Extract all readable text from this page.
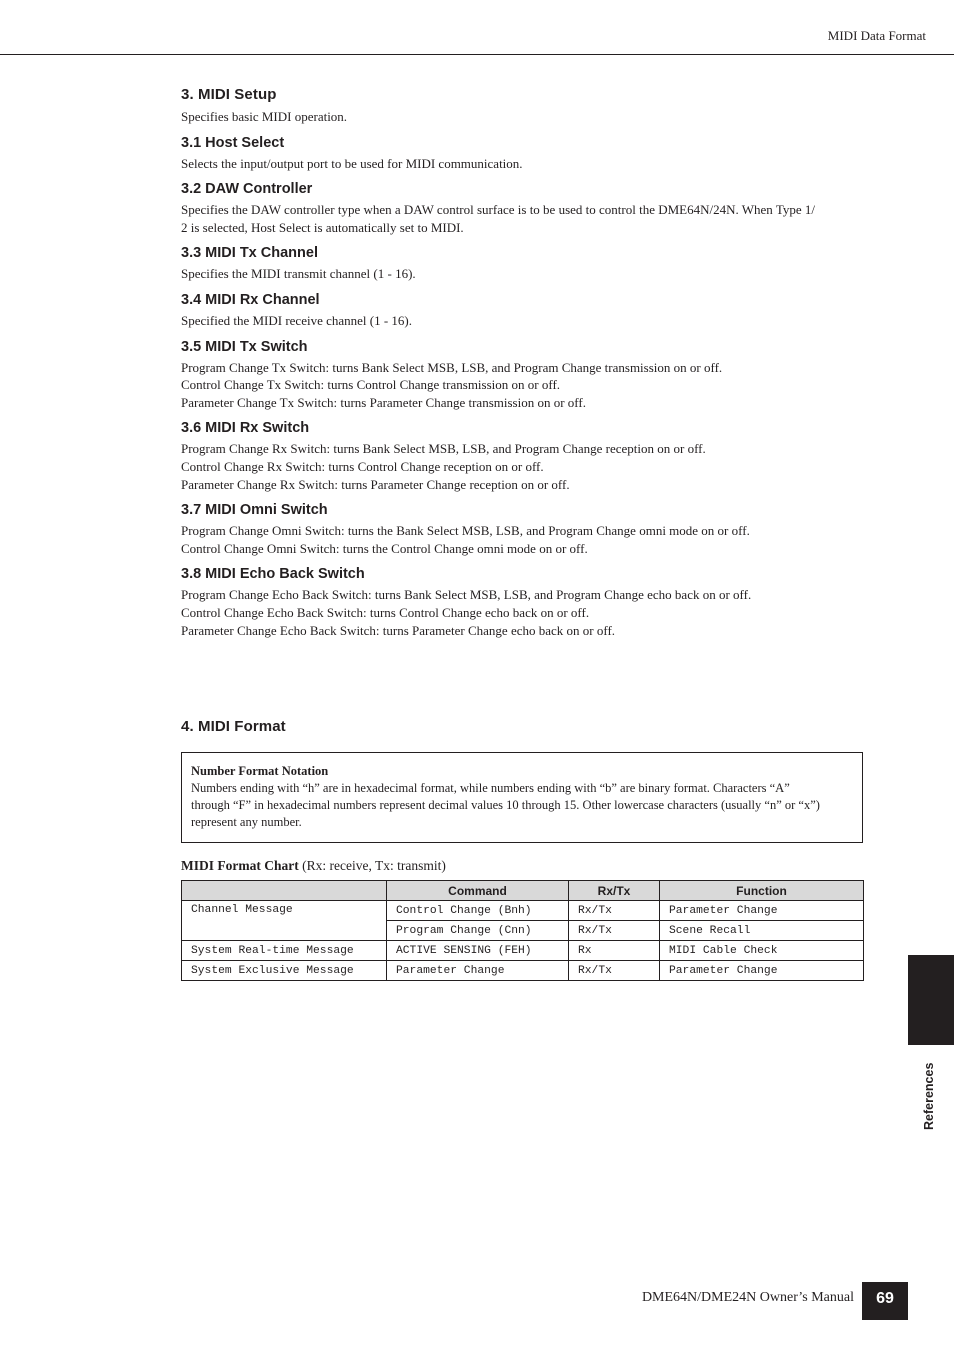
MIDI Data Format
3. MIDI Setup
Specifies basic MIDI operation.
3.1 Host Select

Selects the input/output port to be used for MIDI communication.

3.2 DAW Controller

Specifies the DAW controller type when a DAW control surface is to be used to control the DME64N/24N. When Type 1/

2 is selected, Host Select is automatically set to MIDI.

3.3 MIDI Tx Channel

Specifies the MIDI transmit channel (1 - 16).

3.4 MIDI Rx Channel

Specified the MIDI receive channel (1 - 16).

3.5 MIDI Tx Switch

Program Change Tx Switch: turns Bank Select MSB, LSB, and Program Change transmission on or off.

Control Change Tx Switch: turns Control Change transmission on or off.

Parameter Change Tx Switch: turns Parameter Change transmission on or off.

3.6 MIDI Rx Switch

Program Change Rx Switch: turns Bank Select MSB, LSB, and Program Change reception on or off.

Control Change Rx Switch: turns Control Change reception on or off.

Parameter Change Rx Switch: turns Parameter Change reception on or off.

3.7 MIDI Omni Switch

Program Change Omni Switch: turns the Bank Select MSB, LSB, and Program Change omni mode on or off.

Control Change Omni Switch: turns the Control Change omni mode on or off.

3.8 MIDI Echo Back Switch

Program Change Echo Back Switch: turns Bank Select MSB, LSB, and Program Change echo back on or off.

Control Change Echo Back Switch: turns Control Change echo back on or off.

Parameter Change Echo Back Switch: turns Parameter Change echo back on or off.

4. MIDI Format
Number Format Notation
Numbers ending with “h” are in hexadecimal format, while numbers ending with “b” are binary format. Characters “A”
through “F” in hexadecimal numbers represent decimal values 10 through 15. Other lowercase characters (usually “n” or “x”)
represent any number.
MIDI Format Chart (Rx: receive, Tx: transmit)
	Command	Rx/Tx	Function
Channel Message	Control Change (Bnh)	Rx/Tx	Parameter Change
	Program Change (Cnn)	Rx/Tx	Scene Recall
System Real-time Message	ACTIVE SENSING (FEH)	Rx	MIDI Cable Check
System Exclusive Message	Parameter Change	Rx/Tx	Parameter Change
References
DME64N/DME24N Owner’s Manual	69
